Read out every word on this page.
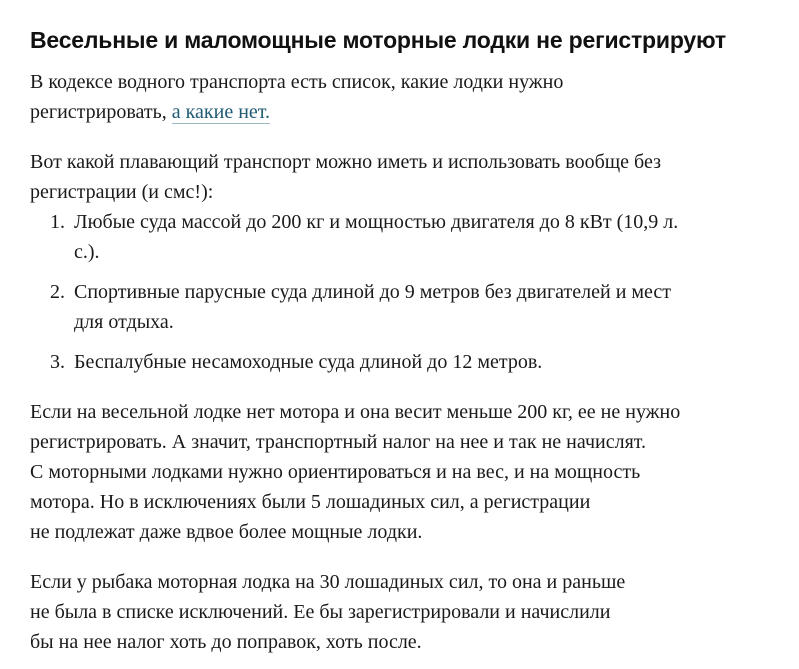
Весельные и маломощные моторные лодки не регистрируют

В кодексе водного транспорта есть список, какие лодки нужно
регистрировать, а какие нет.

Вот какой плавающий транспорт можно иметь и использовать вообще без
регистрации (и смс!):

1. Любые суда массой до 200 кг и мощностью двигателя до 8 кВт (10,9 л.
с.).
2. Спортивные парусные суда длиной до 9 метров без двигателей и мест
для отдыха.
3. Беспалубные несамоходные суда длиной до 12 метров.

Если на весельной лодке нет мотора и она весит меньше 200 кг, ее не нужно
регистрировать. А значит, транспортный налог на нее и так не начислят.
С моторными лодками нужно ориентироваться и на вес, и на мощность
мотора. Но в исключениях были 5 лошадиных сил, а регистрации
не подлежат даже вдвое более мощные лодки.

Если у рыбака моторная лодка на 30 лошадиных сил, то она и раньше
не была в списке исключений. Ее бы зарегистрировали и начислили
бы на нее налог хоть до поправок, хоть после.
